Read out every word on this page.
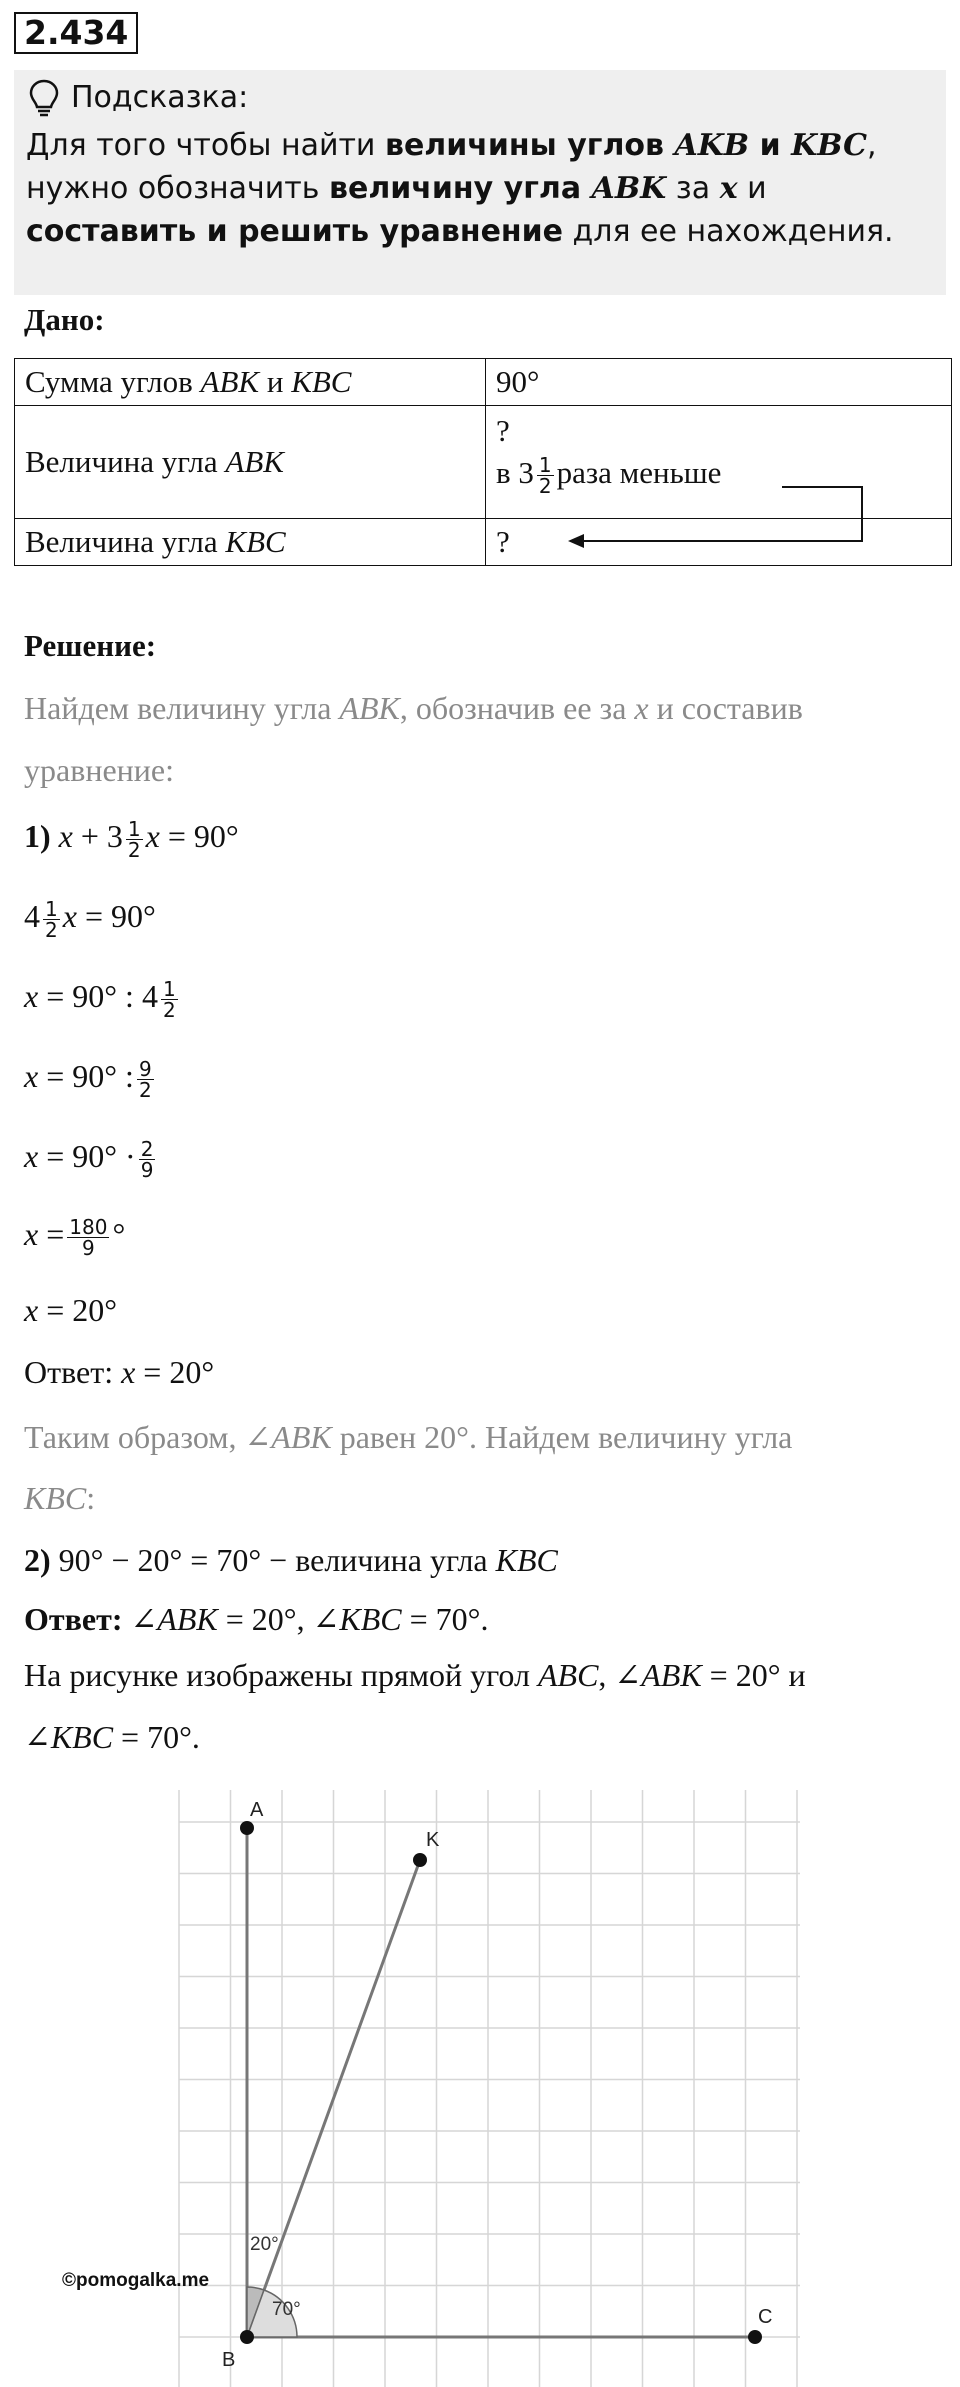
2.434
Подсказка:
Для того чтобы найти величины углов AKB и KBC, нужно обозначить величину угла ABK за x и составить и решить уравнение для ее нахождения.
Дано:
Сумма углов ABK и KBC	90°
Величина угла ABK	?
в $3 \frac{1}{2}$ раза меньше

Величина угла KBC	?
Решение:
Найдем величину угла ABK, обозначив ее за x и составив
уравнение:
1) $x + 3 \frac{1}{2}$ x = 90°
$4 \frac{1}{2}$ x = 90°
x = 90° : $4 \frac{1}{2}$
x = 90° : $\frac{9}{2}$
$x = 90^\circ \cdot \frac{2}{9}$
$x = \frac{180}{9}$ °
x = 20°
Ответ: x = 20°
Таким образом, ∠ABK равен 20°. Найдем величину угла
KBC:
2) 90° − 20° = 70° − величина угла KBC
Ответ: ∠ABK = 20°, ∠KBC = 70°.
На рисунке изображены прямой угол ABC, ∠ABK = 20° и
∠KBC = 70°.
A
K
B
C
20°
70°
©pomogalka.me
